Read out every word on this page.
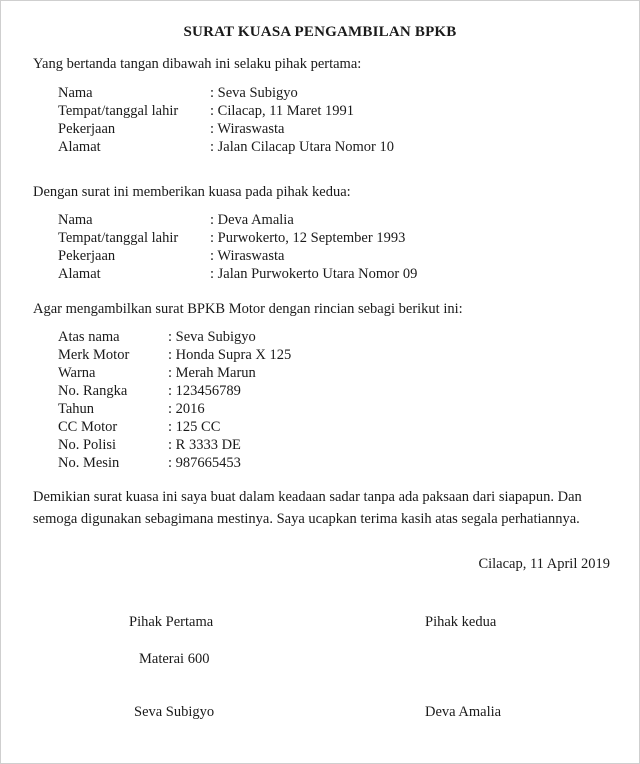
SURAT KUASA PENGAMBILAN BPKB
Yang bertanda tangan dibawah ini selaku pihak pertama:
Nama	: Seva Subigyo
Tempat/tanggal lahir : Cilacap, 11 Maret 1991
Pekerjaan	: Wiraswasta
Alamat	: Jalan Cilacap Utara Nomor 10
Dengan surat ini memberikan kuasa pada pihak kedua:
Nama	: Deva Amalia
Tempat/tanggal lahir : Purwokerto, 12 September 1993
Pekerjaan	: Wiraswasta
Alamat	: Jalan Purwokerto Utara Nomor 09
Agar mengambilkan surat BPKB Motor dengan rincian sebagi berikut ini:
Atas nama	: Seva Subigyo
Merk Motor	: Honda Supra X 125
Warna	: Merah Marun
No. Rangka	: 123456789
Tahun	: 2016
CC Motor	: 125 CC
No. Polisi	: R 3333 DE
No. Mesin	: 987665453
Demikian surat kuasa ini saya buat dalam keadaan sadar tanpa ada paksaan dari siapapun. Dan semoga digunakan sebagimana mestinya. Saya ucapkan terima kasih atas segala perhatiannya.
Cilacap, 11 April 2019
Pihak Pertama	Pihak kedua
Materai 600
Seva Subigyo	Deva Amalia
